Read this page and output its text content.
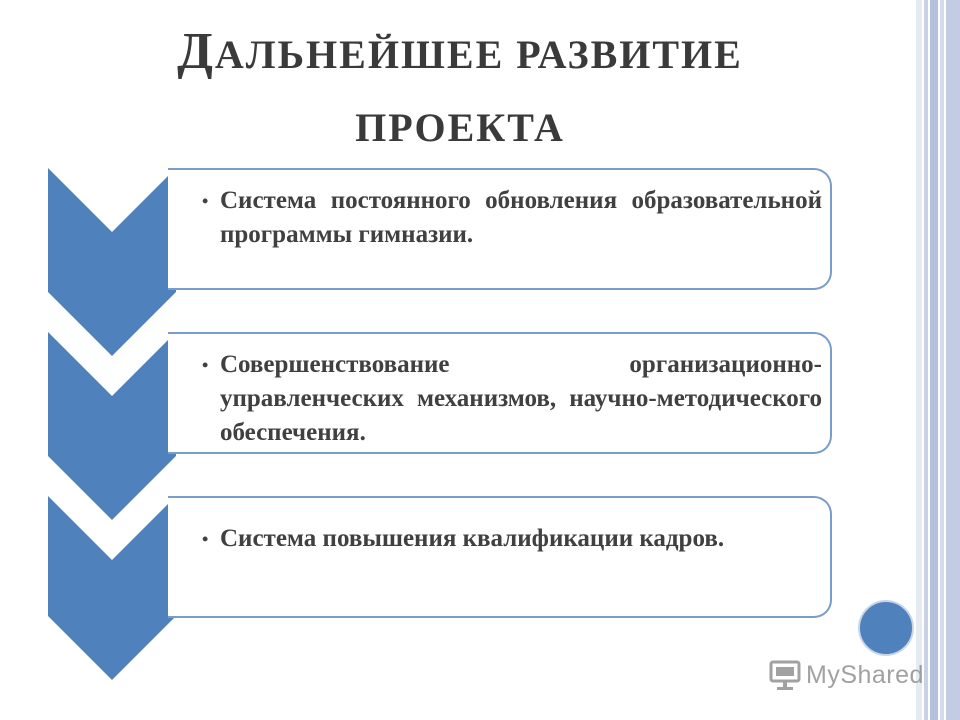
ДАЛЬНЕЙШЕЕ РАЗВИТИЕ
ПРОЕКТА
• Система постоянного обновления образовательной программы гимназии.
• Совершенствование организационно-управленческих механизмов, научно-методического обеспечения.
• Система повышения квалификации кадров.
MyShared
